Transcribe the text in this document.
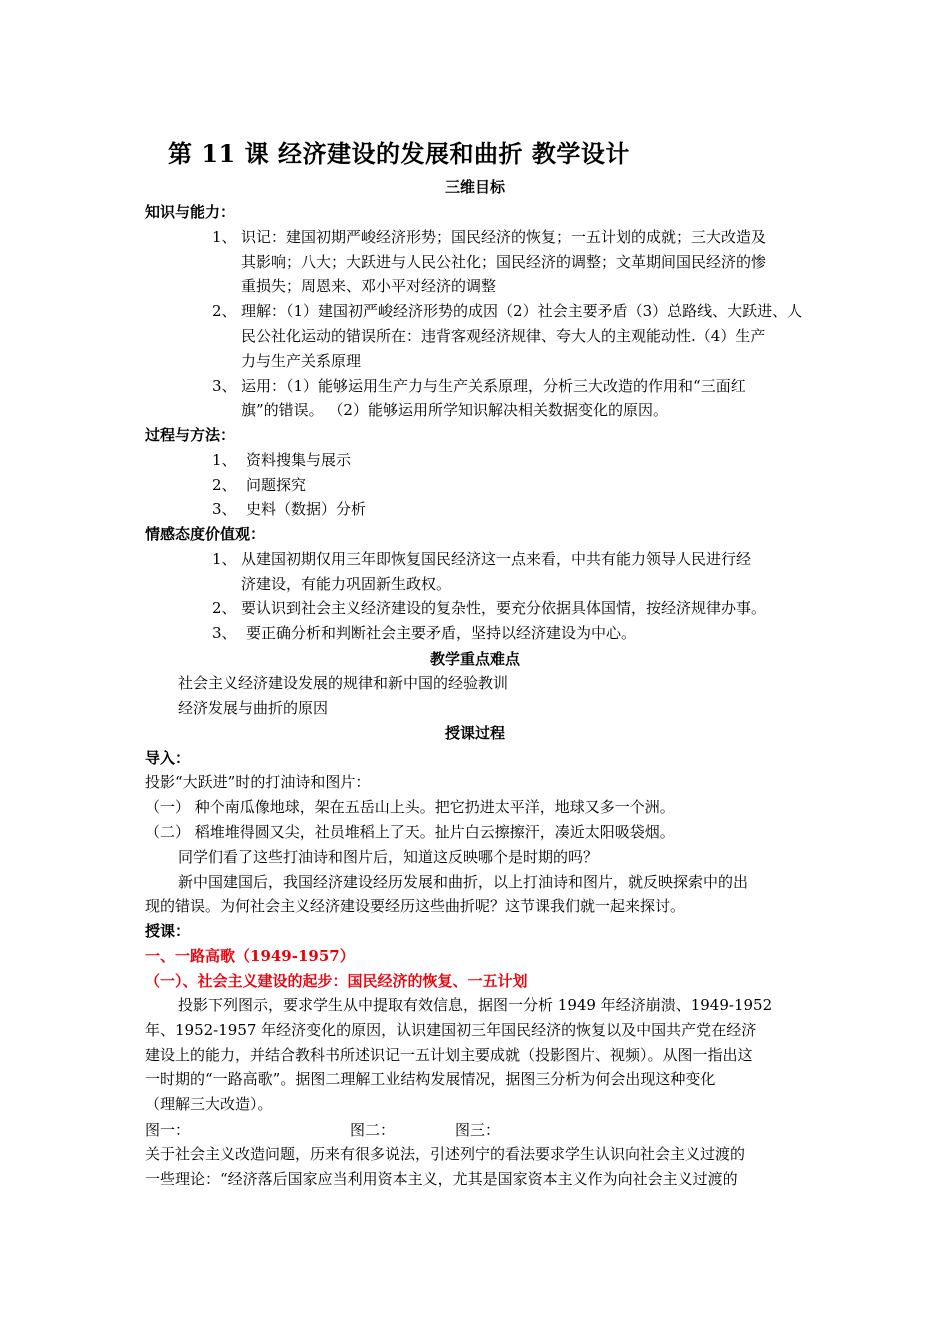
第 11 课 经济建设的发展和曲折 教学设计
三维目标
知识与能力：
1、 识记：建国初期严峻经济形势；国民经济的恢复；一五计划的成就；三大改造及
其影响；八大；大跃进与人民公社化；国民经济的调整；文革期间国民经济的惨
重损失；周恩来、邓小平对经济的调整
2、 理解：（1）建国初严峻经济形势的成因（2）社会主要矛盾（3）总路线、大跃进、人
民公社化运动的错误所在：违背客观经济规律、夸大人的主观能动性.（4）生产
力与生产关系原理
3、 运用：（1）能够运用生产力与生产关系原理，分析三大改造的作用和“三面红
旗”的错误。 （2）能够运用所学知识解决相关数据变化的原因。
过程与方法：
1、 资料搜集与展示
2、 问题探究
3、 史料（数据）分析
情感态度价值观：
1、 从建国初期仅用三年即恢复国民经济这一点来看，中共有能力领导人民进行经
济建设，有能力巩固新生政权。
2、 要认识到社会主义经济建设的复杂性，要充分依据具体国情，按经济规律办事。
3、 要正确分析和判断社会主要矛盾，坚持以经济建设为中心。
教学重点难点
社会主义经济建设发展的规律和新中国的经验教训
经济发展与曲折的原因
授课过程
导入：
投影“大跃进”时的打油诗和图片：
（一） 种个南瓜像地球，架在五岳山上头。把它扔进太平洋，地球又多一个洲。
（二） 稻堆堆得圆又尖，社员堆稻上了天。扯片白云擦擦汗，凑近太阳吸袋烟。
同学们看了这些打油诗和图片后，知道这反映哪个是时期的吗？
新中国建国后，我国经济建设经历发展和曲折，以上打油诗和图片，就反映探索中的出
现的错误。为何社会主义经济建设要经历这些曲折呢？这节课我们就一起来探讨。
授课：
一、一路高歌（1949-1957）
（一）、社会主义建设的起步：国民经济的恢复、一五计划
投影下列图示，要求学生从中提取有效信息，据图一分析 1949 年经济崩溃、1949-1952
年、1952-1957 年经济变化的原因，认识建国初三年国民经济的恢复以及中国共产党在经济
建设上的能力，并结合教科书所述识记一五计划主要成就（投影图片、视频）。从图一指出这
一时期的“一路高歌”。据图二理解工业结构发展情况，据图三分析为何会出现这种变化
（理解三大改造）。
图一：	图二：	图三：
关于社会主义改造问题，历来有很多说法，引述列宁的看法要求学生认识向社会主义过渡的
一些理论：“经济落后国家应当利用资本主义，尤其是国家资本主义作为向社会主义过渡的
